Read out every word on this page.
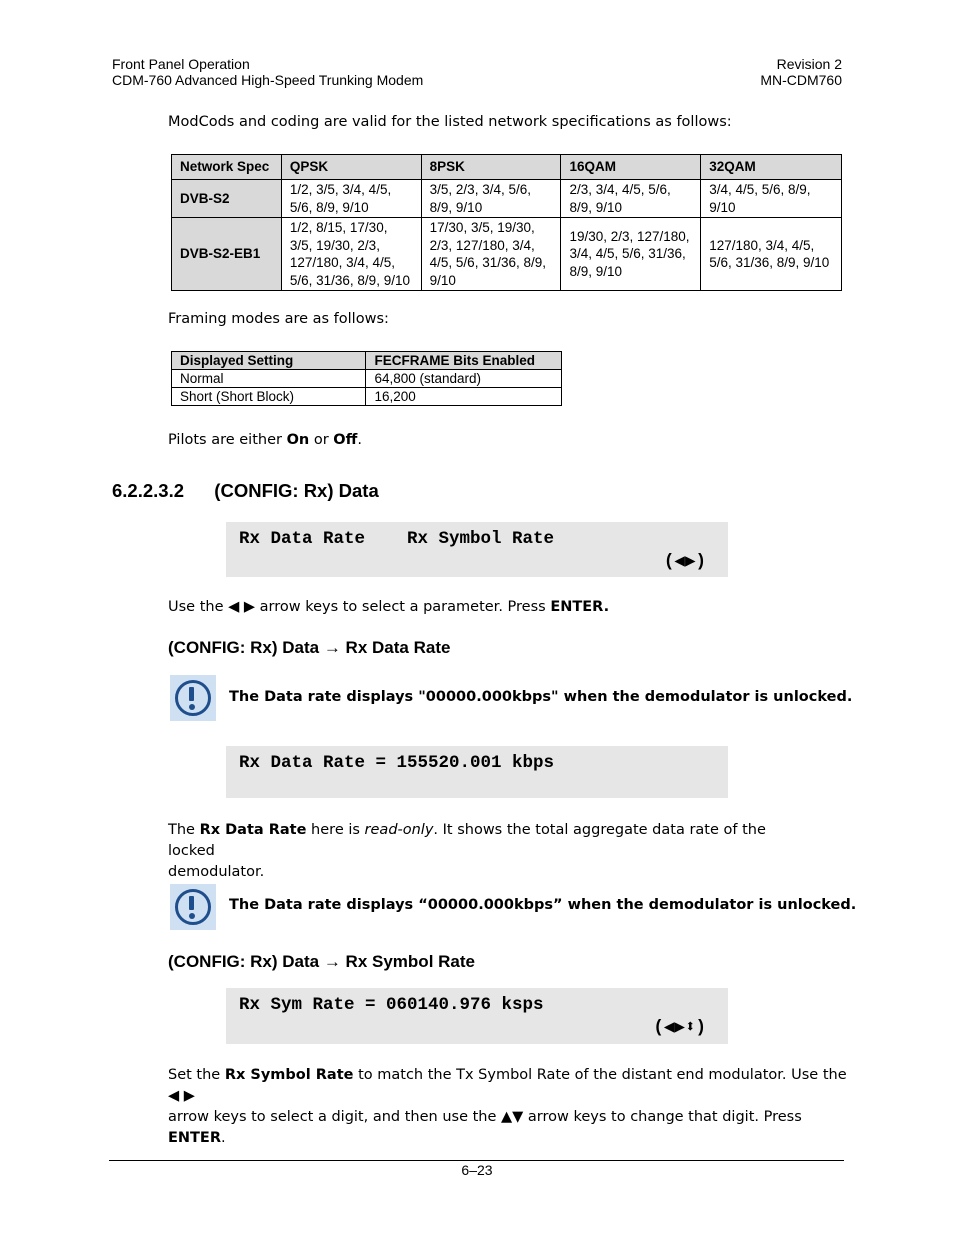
Front Panel Operation
CDM-760 Advanced High-Speed Trunking Modem
Revision 2
MN-CDM760
ModCods and coding are valid for the listed network specifications as follows:
Network Spec	QPSK	8PSK	16QAM	32QAM
DVB-S2	1/2, 3/5, 3/4, 4/5, 5/6, 8/9, 9/10	3/5, 2/3, 3/4, 5/6, 8/9, 9/10	2/3, 3/4, 4/5, 5/6, 8/9, 9/10	3/4, 4/5, 5/6, 8/9, 9/10
DVB-S2-EB1	1/2, 8/15, 17/30, 3/5, 19/30, 2/3, 127/180, 3/4, 4/5, 5/6, 31/36, 8/9, 9/10	17/30, 3/5, 19/30, 2/3, 127/180, 3/4, 4/5, 5/6, 31/36, 8/9, 9/10	19/30, 2/3, 127/180, 3/4, 4/5, 5/6, 31/36, 8/9, 9/10	127/180, 3/4, 4/5, 5/6, 31/36, 8/9, 9/10
Framing modes are as follows:
Displayed Setting	FECFRAME Bits Enabled
Normal	64,800 (standard)
Short (Short Block)	16,200
Pilots are either On or Off.
6.2.2.3.2 (CONFIG: Rx) Data
Rx Data Rate    Rx Symbol Rate
(◀▶)
Use the ◀ ▶ arrow keys to select a parameter. Press ENTER.
(CONFIG: Rx) Data → Rx Data Rate
The Data rate displays "00000.000kbps" when the demodulator is unlocked.
Rx Data Rate = 155520.001 kbps
The Rx Data Rate here is read-only. It shows the total aggregate data rate of the locked
demodulator.
The Data rate displays “00000.000kbps” when the demodulator is unlocked.
(CONFIG: Rx) Data → Rx Symbol Rate
Rx Sym Rate = 060140.976 ksps
(◀▶⬍)
Set the Rx Symbol Rate to match the Tx Symbol Rate of the distant end modulator. Use the ◀ ▶
arrow keys to select a digit, and then use the ▲▼ arrow keys to change that digit. Press ENTER.
6–23
